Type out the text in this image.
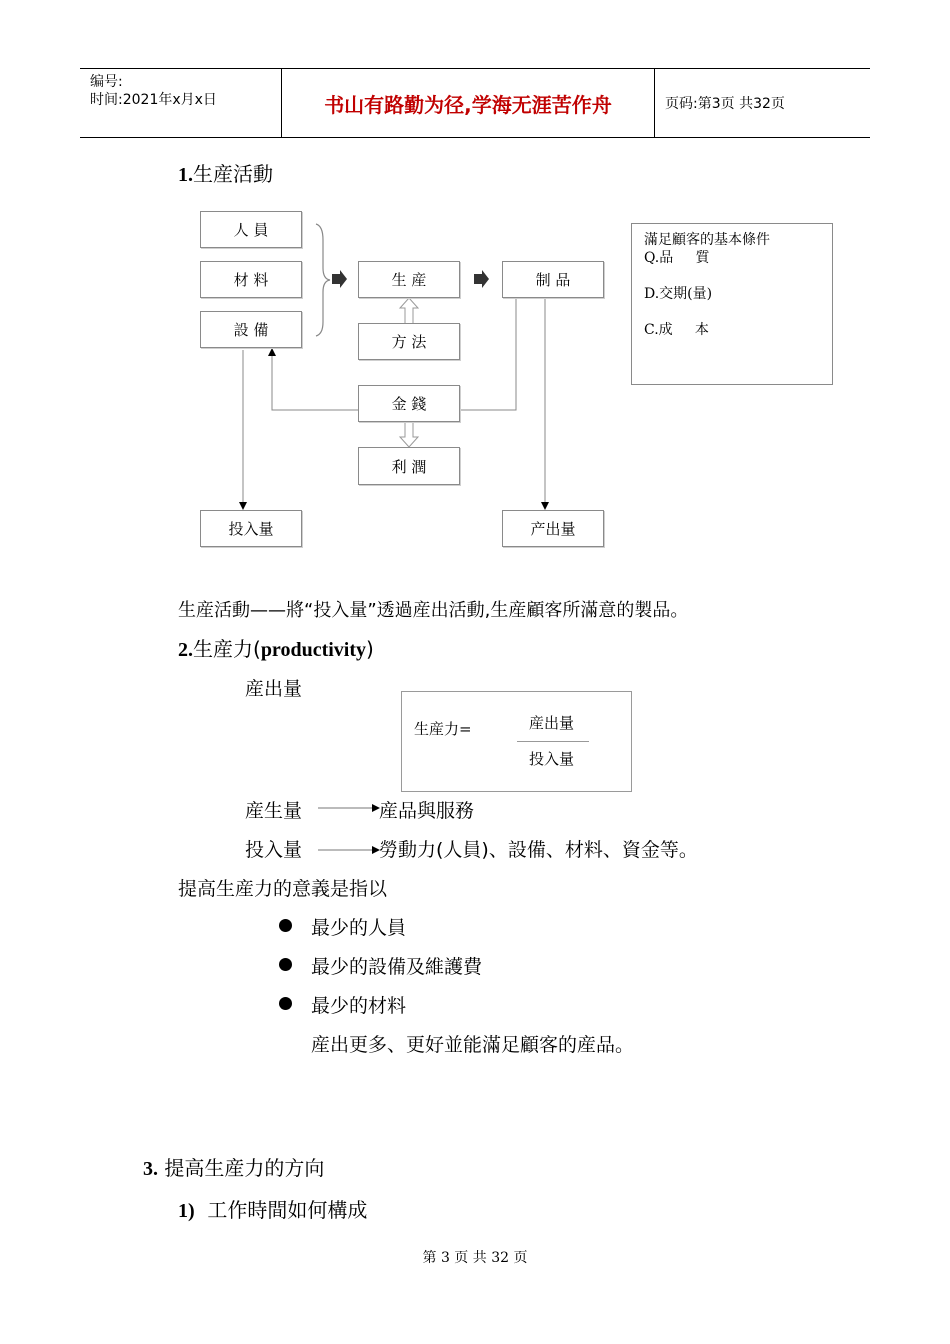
编号:
时间:2021年x月x日	书山有路勤为径,学海无涯苦作舟	页码:第3页 共32页
1.生産活動
人 員
材 料
設 備
生 産
方 法
制 品
金 錢
利 潤
投入量	产出量
滿足顧客的基本條件
Q.品     質
D.交期(量)
C.成     本
生産活動——將“投入量”透過産出活動,生産顧客所滿意的製品。
2.生産力(productivity)
産出量
生産力=	産出量
投入量
産生量	産品與服務
投入量	勞動力(人員)、設備、材料、資金等。
提高生産力的意義是指以
最少的人員
最少的設備及維護費
最少的材料
産出更多、更好並能滿足顧客的産品。
3. 提高生産力的方向
1) 工作時間如何構成
第 3 页 共 32 页
